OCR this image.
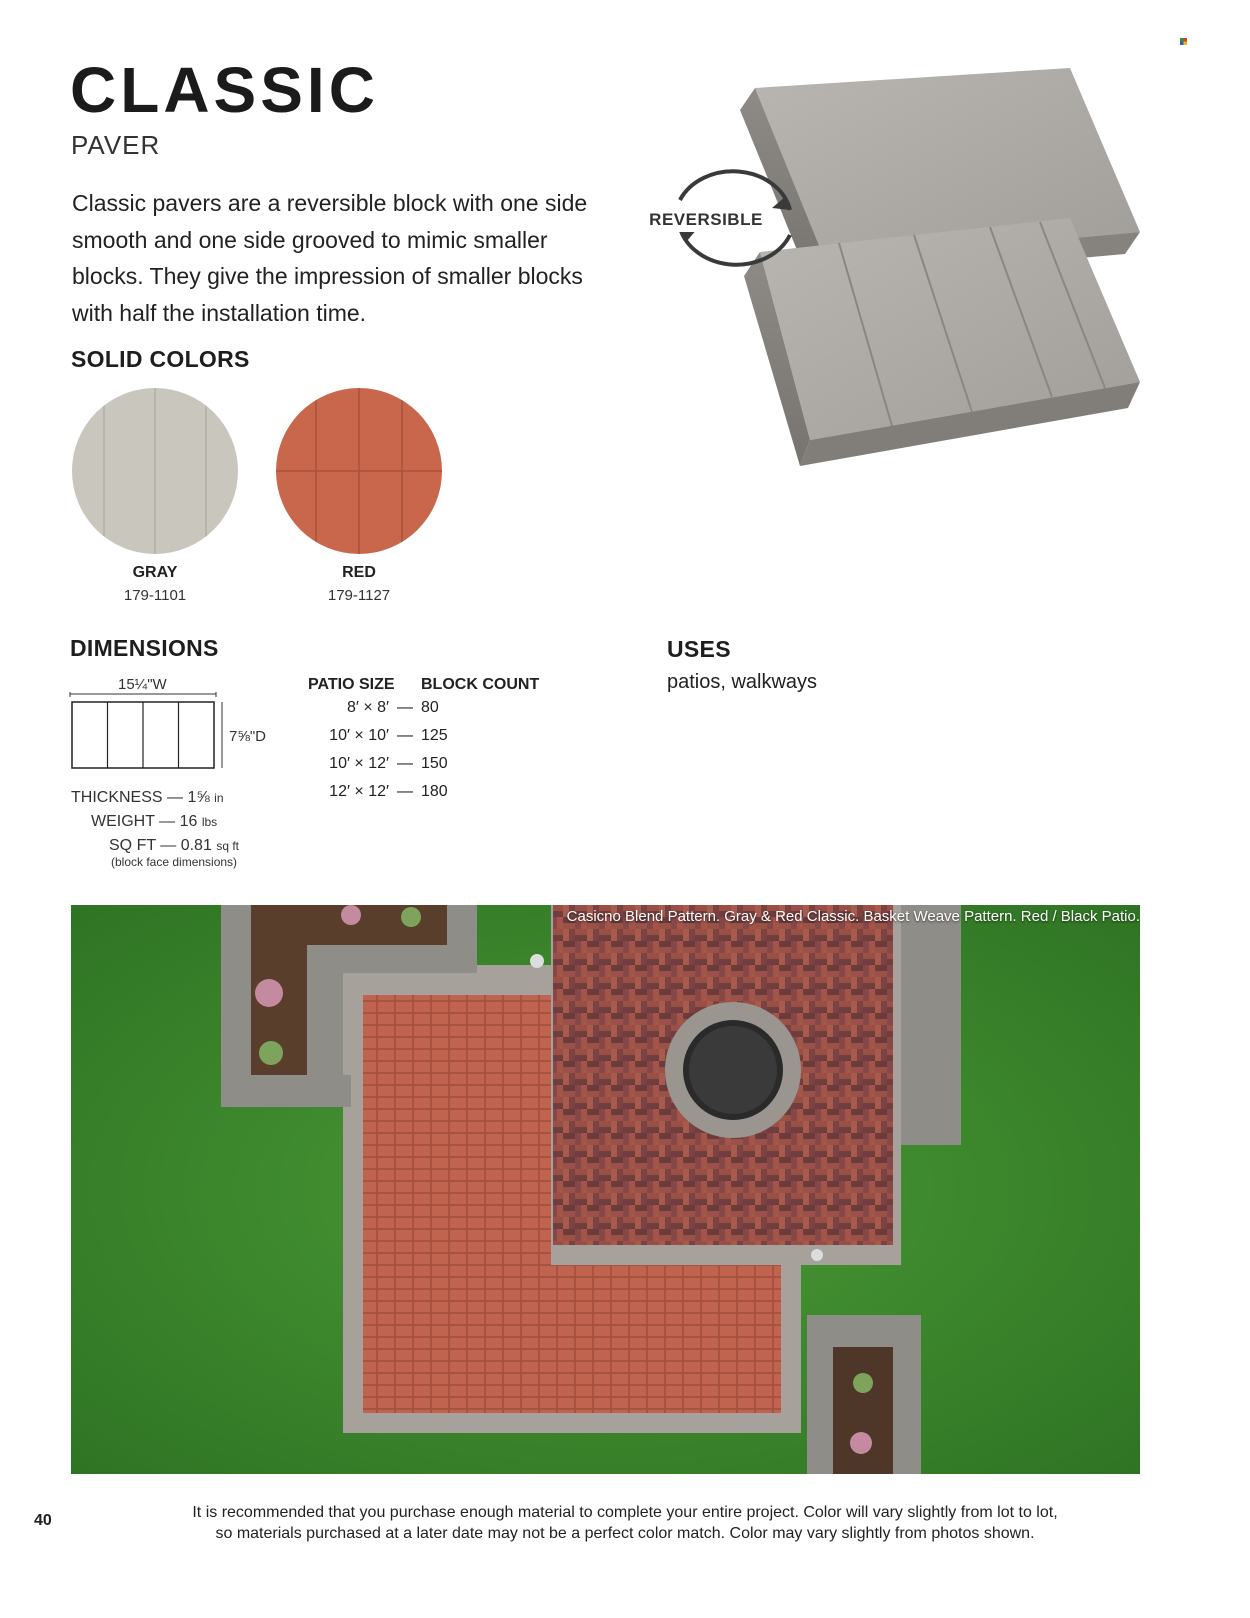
CLASSIC
PAVER
Classic pavers are a reversible block with one side smooth and one side grooved to mimic smaller blocks. They give the impression of smaller blocks with half the installation time.
REVERSIBLE
SOLID COLORS
GRAY
179-1101
RED
179-1127
DIMENSIONS
15¼"W
7⅝"D
THICKNESS — 1⅝ in
WEIGHT — 16 lbs
SQ FT — 0.81 sq ft
(block face dimensions)
PATIO SIZE BLOCK COUNT
8′ × 8′ — 80
10′ × 10′ — 125
10′ × 12′ — 150
12′ × 12′ — 180
USES
patios, walkways
Casicno Blend Pattern. Gray & Red Classic. Basket Weave Pattern. Red / Black Patio.
40	It is recommended that you purchase enough material to complete your entire project. Color will vary slightly from lot to lot,
so materials purchased at a later date may not be a perfect color match. Color may vary slightly from photos shown.
